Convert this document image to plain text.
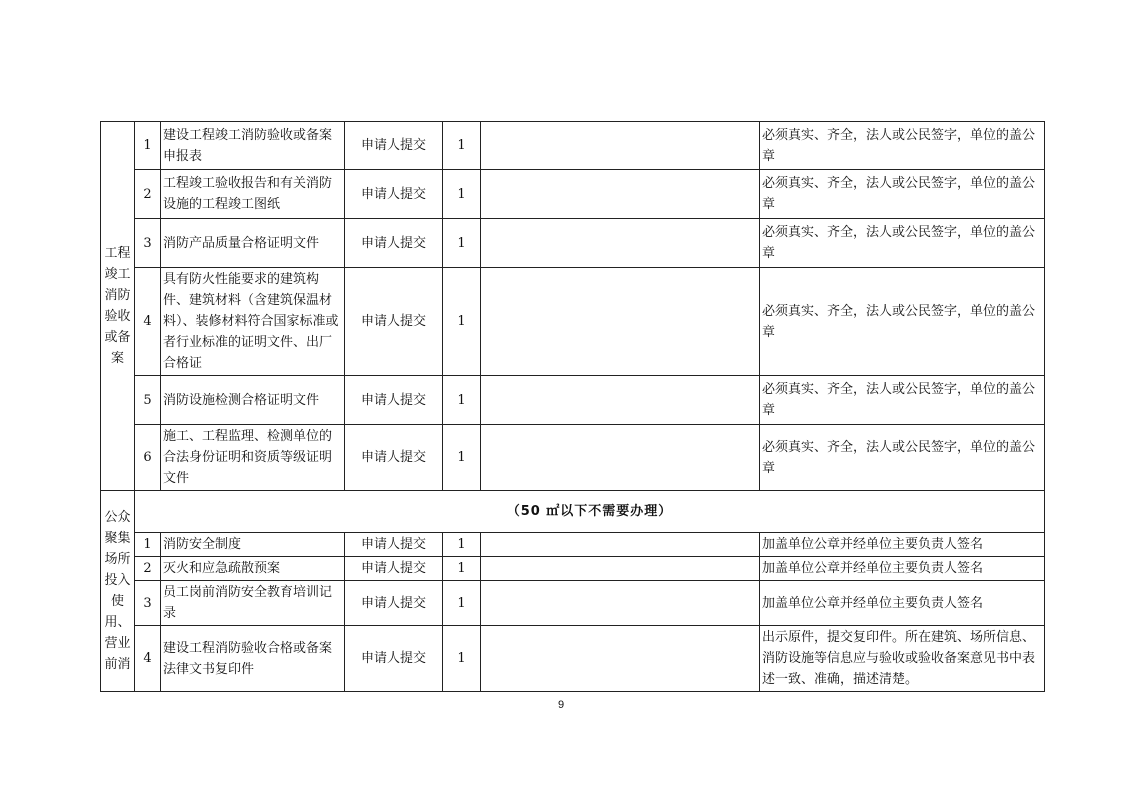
工程竣工消防验收或备案	1	建设工程竣工消防验收或备案申报表	申请人提交	1		必须真实、齐全，法人或公民签字，单位的盖公章
	2	工程竣工验收报告和有关消防设施的工程竣工图纸	申请人提交	1		必须真实、齐全，法人或公民签字，单位的盖公章
	3	消防产品质量合格证明文件	申请人提交	1		必须真实、齐全，法人或公民签字，单位的盖公章
	4	具有防火性能要求的建筑构件、建筑材料（含建筑保温材料）、装修材料符合国家标准或者行业标准的证明文件、出厂合格证	申请人提交	1		必须真实、齐全，法人或公民签字，单位的盖公章
	5	消防设施检测合格证明文件	申请人提交	1		必须真实、齐全，法人或公民签字，单位的盖公章
	6	施工、工程监理、检测单位的合法身份证明和资质等级证明文件	申请人提交	1		必须真实、齐全，法人或公民签字，单位的盖公章
公众聚集场所投入使用、营业前消	（50 ㎡以下不需要办理）					
	1	消防安全制度	申请人提交	1		加盖单位公章并经单位主要负责人签名
	2	灭火和应急疏散预案	申请人提交	1		加盖单位公章并经单位主要负责人签名
	3	员工岗前消防安全教育培训记录	申请人提交	1		加盖单位公章并经单位主要负责人签名
	4	建设工程消防验收合格或备案法律文书复印件	申请人提交	1		出示原件，提交复印件。所在建筑、场所信息、消防设施等信息应与验收或验收备案意见书中表述一致、准确，描述清楚。
9
